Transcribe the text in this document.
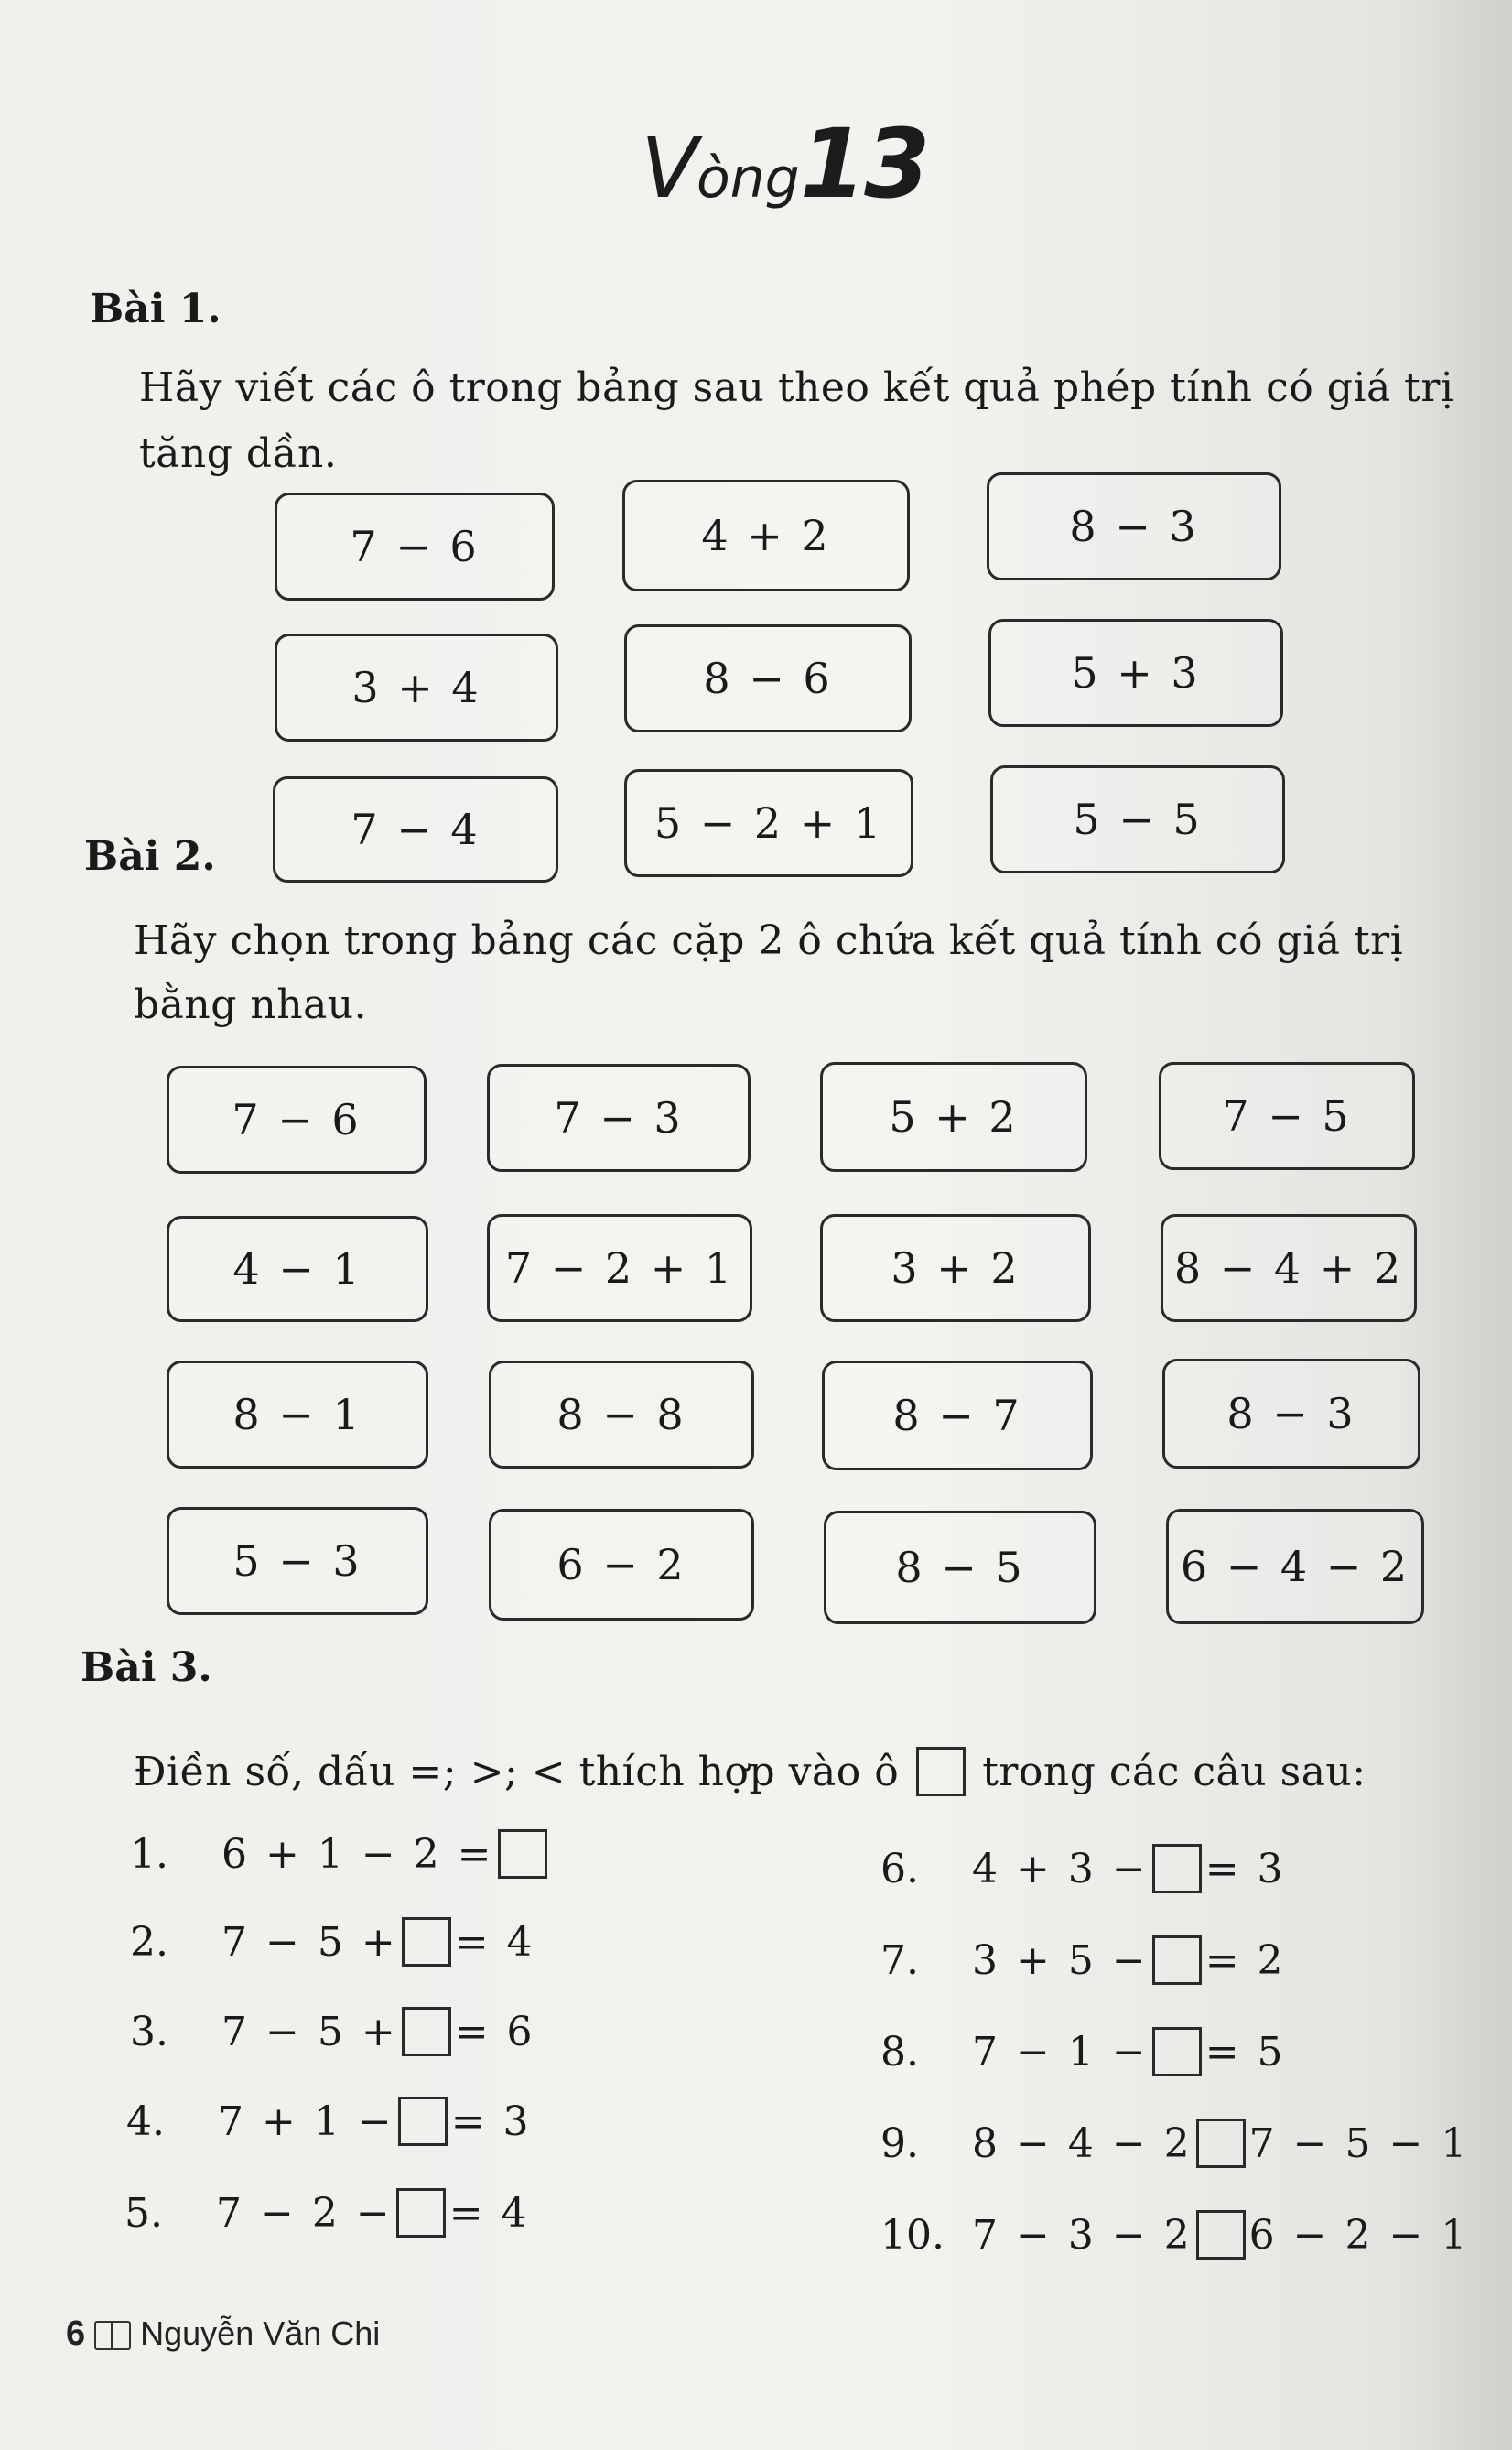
Vòng13
Bài 1.
Hãy viết các ô trong bảng sau theo kết quả phép tính có giá trị
tăng dần.
7 − 6	4 + 2	8 − 3
3 + 4	8 − 6	5 + 3
7 − 4	5 − 2 + 1	5 − 5
Bài 2.
Hãy chọn trong bảng các cặp 2 ô chứa kết quả tính có giá trị
bằng nhau.
7 − 6	7 − 3	5 + 2	7 − 5
4 − 1	7 − 2 + 1	3 + 2	8 − 4 + 2
8 − 1	8 − 8	8 − 7	8 − 3
5 − 3	6 − 2	8 − 5	6 − 4 − 2
Bài 3.
Điền số, dấu =; >; < thích hợp vào ô trong các câu sau:
1. 6 + 1 − 2 =
2. 7 − 5 + = 4
3. 7 − 5 + = 6
4. 7 + 1 − = 3
5. 7 − 2 − = 4
6. 4 + 3 − = 3
7. 3 + 5 − = 2
8. 7 − 1 − = 5
9. 8 − 4 − 2 7 − 5 − 1
10. 7 − 3 − 2 6 − 2 − 1
6 Nguyễn Văn Chi
